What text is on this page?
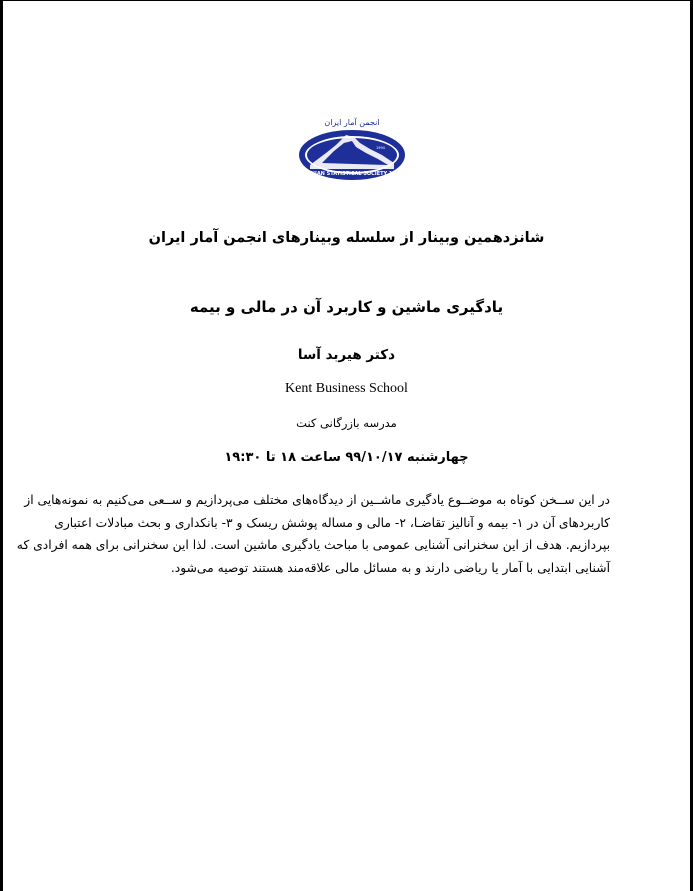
انجمن آمار ایران
1994
IRANIAN STATISTICAL SOCIETY 1990
شانزدهمین وبینار از سلسله وبینارهای انجمن آمار ایران
یادگیری ماشین و کاربرد آن در مالی و بیمه
دکتر هیربد آسا
Kent Business School
مدرسه بازرگانی کنت
چهارشنبه ۹۹/۱۰/۱۷ ساعت ۱۸ تا ۱۹:۳۰
در این ســخن کوتاه به موضــوع یادگیری ماشــین از دیدگاه‌های مختلف می‌پردازیم و ســعی می‌کنیم به نمونه‌هایی از
کاربردهای آن در ۱- بیمه و آنالیز تقاضـا، ۲- مالی و مساله پوشش ریسک و ۳- بانکداری و بحث مبادلات اعتباری
بپردازیم. هدف از این سخنرانی آشنایی عمومی با مباحث یادگیری ماشین است. لذا این سخنرانی برای همه افرادی که
آشنایی ابتدایی با آمار یا ریاضی دارند و به مسائل مالی علاقه‌مند هستند توصیه می‌شود.
